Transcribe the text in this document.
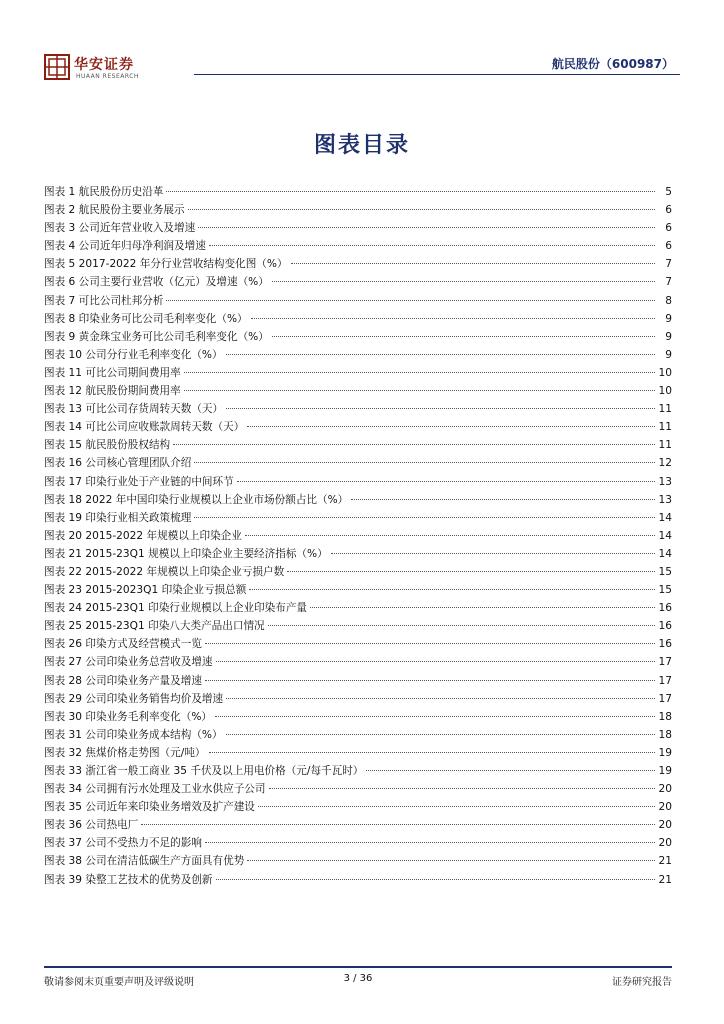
华安证券
HUAAN RESEARCH
航民股份（600987）
图表目录
图表 1 航民股份历史沿革	5
图表 2 航民股份主要业务展示	6
图表 3 公司近年营业收入及增速	6
图表 4 公司近年归母净利润及增速	6
图表 5 2017-2022 年分行业营收结构变化图（%）	7
图表 6 公司主要行业营收（亿元）及增速（%）	7
图表 7 可比公司杜邦分析	8
图表 8 印染业务可比公司毛利率变化（%）	9
图表 9 黄金珠宝业务可比公司毛利率变化（%）	9
图表 10 公司分行业毛利率变化（%）	9
图表 11 可比公司期间费用率	10
图表 12 航民股份期间费用率	10
图表 13 可比公司存货周转天数（天）	11
图表 14 可比公司应收账款周转天数（天）	11
图表 15 航民股份股权结构	11
图表 16 公司核心管理团队介绍	12
图表 17 印染行业处于产业链的中间环节	13
图表 18 2022 年中国印染行业规模以上企业市场份额占比（%）	13
图表 19 印染行业相关政策梳理	14
图表 20 2015-2022 年规模以上印染企业	14
图表 21 2015-23Q1 规模以上印染企业主要经济指标（%）	14
图表 22 2015-2022 年规模以上印染企业亏损户数	15
图表 23 2015-2023Q1 印染企业亏损总额	15
图表 24 2015-23Q1 印染行业规模以上企业印染布产量	16
图表 25 2015-23Q1 印染八大类产品出口情况	16
图表 26 印染方式及经营模式一览	16
图表 27 公司印染业务总营收及增速	17
图表 28 公司印染业务产量及增速	17
图表 29 公司印染业务销售均价及增速	17
图表 30 印染业务毛利率变化（%）	18
图表 31 公司印染业务成本结构（%）	18
图表 32 焦煤价格走势图（元/吨）	19
图表 33 浙江省一般工商业 35 千伏及以上用电价格（元/每千瓦时）	19
图表 34 公司拥有污水处理及工业水供应子公司	20
图表 35 公司近年来印染业务增效及扩产建设	20
图表 36 公司热电厂	20
图表 37 公司不受热力不足的影响	20
图表 38 公司在清洁低碳生产方面具有优势	21
图表 39 染整工艺技术的优势及创新	21
敬请参阅末页重要声明及评级说明	3 / 36	证券研究报告
